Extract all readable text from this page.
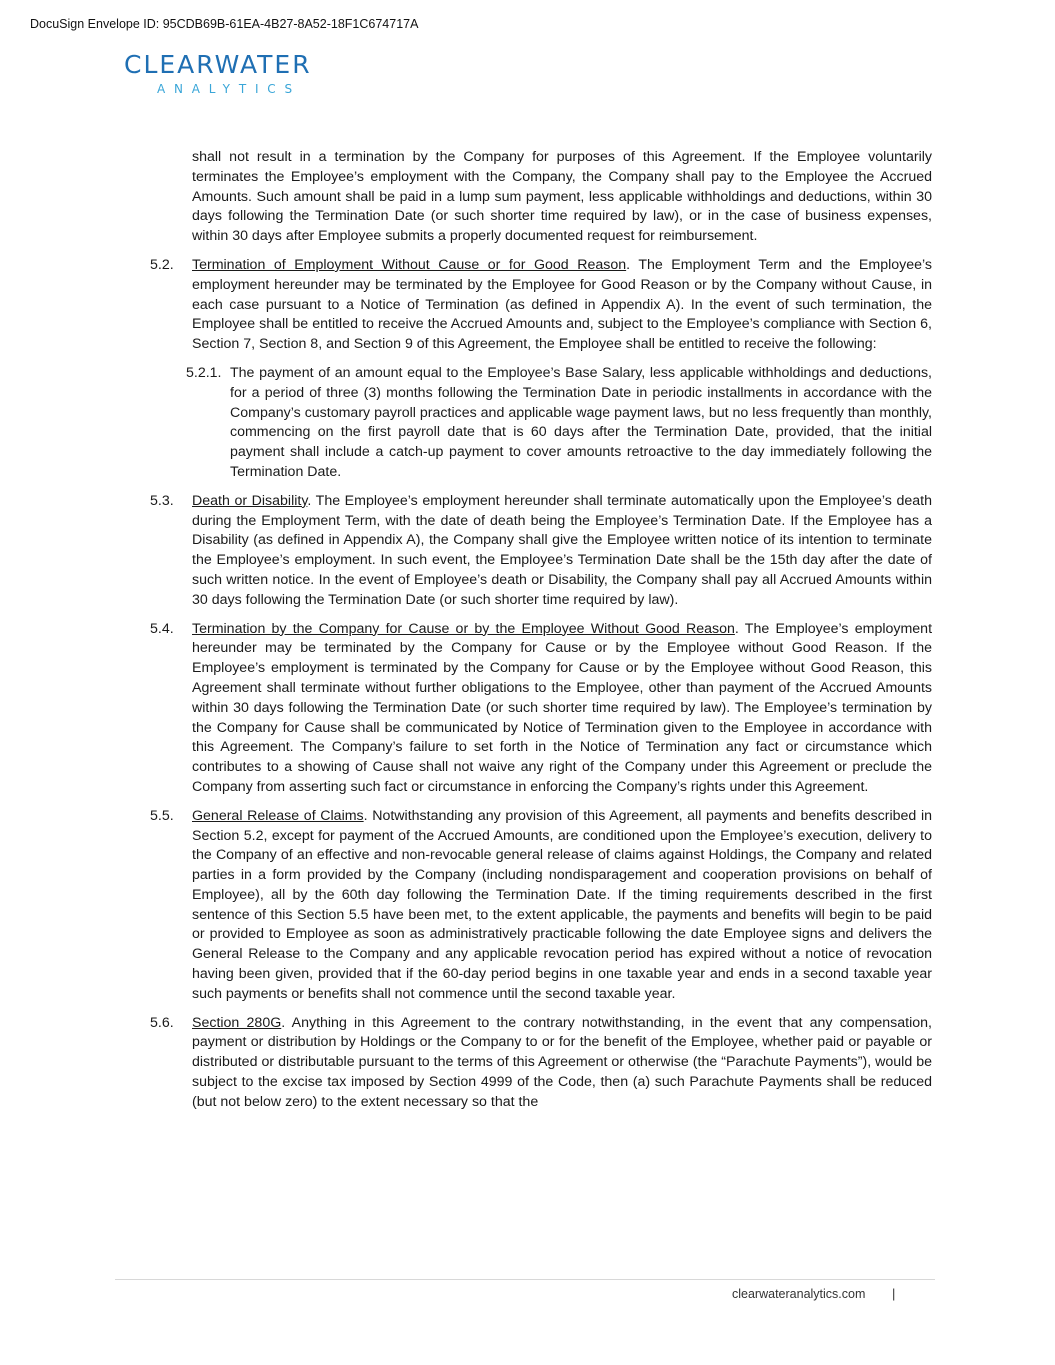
DocuSign Envelope ID: 95CDB69B-61EA-4B27-8A52-18F1C674717A
CLEARWATER
ANALYTICS

shall not result in a termination by the Company for purposes of this Agreement. If the Employee voluntarily terminates the Employee’s employment with the Company, the Company shall pay to the Employee the Accrued Amounts. Such amount shall be paid in a lump sum payment, less applicable withholdings and deductions, within 30 days following the Termination Date (or such shorter time required by law), or in the case of business expenses, within 30 days after Employee submits a properly documented request for reimbursement.

5.2.	Termination of Employment Without Cause or for Good Reason. The Employment Term and the Employee’s employment hereunder may be terminated by the Employee for Good Reason or by the Company without Cause, in each case pursuant to a Notice of Termination (as defined in Appendix A). In the event of such termination, the Employee shall be entitled to receive the Accrued Amounts and, subject to the Employee’s compliance with Section 6, Section 7, Section 8, and Section 9 of this Agreement, the Employee shall be entitled to receive the following:
5.2.1. The payment of an amount equal to the Employee’s Base Salary, less applicable withholdings and deductions, for a period of three (3) months following the Termination Date in periodic installments in accordance with the Company’s customary payroll practices and applicable wage payment laws, but no less frequently than monthly, commencing on the first payroll date that is 60 days after the Termination Date, provided, that the initial payment shall include a catch-up payment to cover amounts retroactive to the day immediately following the Termination Date.
5.3.	Death or Disability. The Employee’s employment hereunder shall terminate automatically upon the Employee’s death during the Employment Term, with the date of death being the Employee’s Termination Date. If the Employee has a Disability (as defined in Appendix A), the Company shall give the Employee written notice of its intention to terminate the Employee’s employment. In such event, the Employee’s Termination Date shall be the 15th day after the date of such written notice. In the event of Employee’s death or Disability, the Company shall pay all Accrued Amounts within 30 days following the Termination Date (or such shorter time required by law).
5.4.	Termination by the Company for Cause or by the Employee Without Good Reason. The Employee’s employment hereunder may be terminated by the Company for Cause or by the Employee without Good Reason. If the Employee’s employment is terminated by the Company for Cause or by the Employee without Good Reason, this Agreement shall terminate without further obligations to the Employee, other than payment of the Accrued Amounts within 30 days following the Termination Date (or such shorter time required by law). The Employee’s termination by the Company for Cause shall be communicated by Notice of Termination given to the Employee in accordance with this Agreement. The Company’s failure to set forth in the Notice of Termination any fact or circumstance which contributes to a showing of Cause shall not waive any right of the Company under this Agreement or preclude the Company from asserting such fact or circumstance in enforcing the Company’s rights under this Agreement.
5.5.	General Release of Claims. Notwithstanding any provision of this Agreement, all payments and benefits described in Section 5.2, except for payment of the Accrued Amounts, are conditioned upon the Employee’s execution, delivery to the Company of an effective and non-revocable general release of claims against Holdings, the Company and related parties in a form provided by the Company (including nondisparagement and cooperation provisions on behalf of Employee), all by the 60th day following the Termination Date. If the timing requirements described in the first sentence of this Section 5.5 have been met, to the extent applicable, the payments and benefits will begin to be paid or provided to Employee as soon as administratively practicable following the date Employee signs and delivers the General Release to the Company and any applicable revocation period has expired without a notice of revocation having been given, provided that if the 60-day period begins in one taxable year and ends in a second taxable year such payments or benefits shall not commence until the second taxable year.
5.6.	Section 280G. Anything in this Agreement to the contrary notwithstanding, in the event that any compensation, payment or distribution by Holdings or the Company to or for the benefit of the Employee, whether paid or payable or distributed or distributable pursuant to the terms of this Agreement or otherwise (the “Parachute Payments”), would be subject to the excise tax imposed by Section 4999 of the Code, then (a) such Parachute Payments shall be reduced (but not below zero) to the extent necessary so that the
clearwateranalytics.com |
